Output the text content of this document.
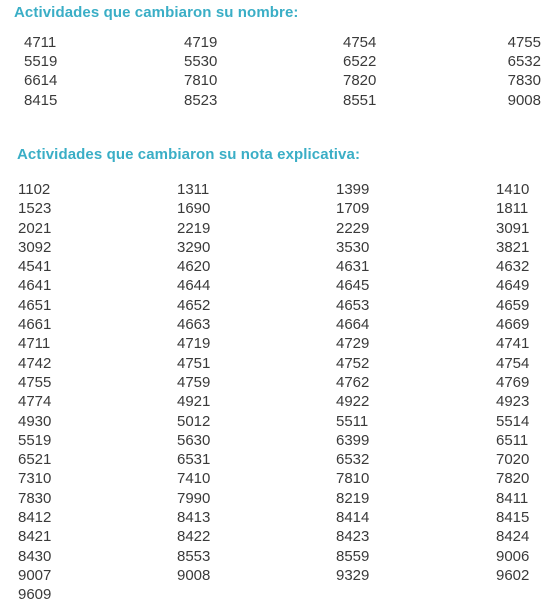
Actividades que cambiaron su nombre:
4711	4719	4754	4755
5519	5530	6522	6532
6614	7810	7820	7830
8415	8523	8551	9008
Actividades que cambiaron su nota explicativa:
1102	1311	1399	1410
1523	1690	1709	1811
2021	2219	2229	3091
3092	3290	3530	3821
4541	4620	4631	4632
4641	4644	4645	4649
4651	4652	4653	4659
4661	4663	4664	4669
4711	4719	4729	4741
4742	4751	4752	4754
4755	4759	4762	4769
4774	4921	4922	4923
4930	5012	5511	5514
5519	5630	6399	6511
6521	6531	6532	7020
7310	7410	7810	7820
7830	7990	8219	8411
8412	8413	8414	8415
8421	8422	8423	8424
8430	8553	8559	9006
9007	9008	9329	9602
9609
